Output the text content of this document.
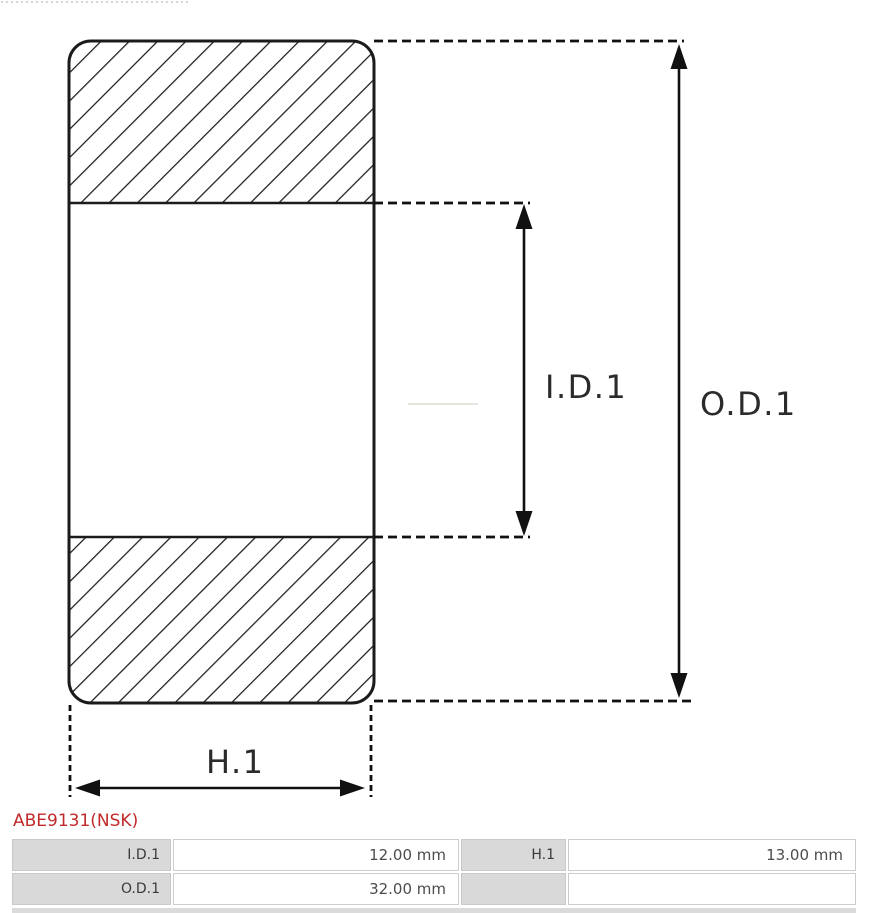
I.D.1 O.D.1
H.1
ABE9131(NSK)
I.D.1	12.00 mm	H.1	13.00 mm
O.D.1	32.00 mm
